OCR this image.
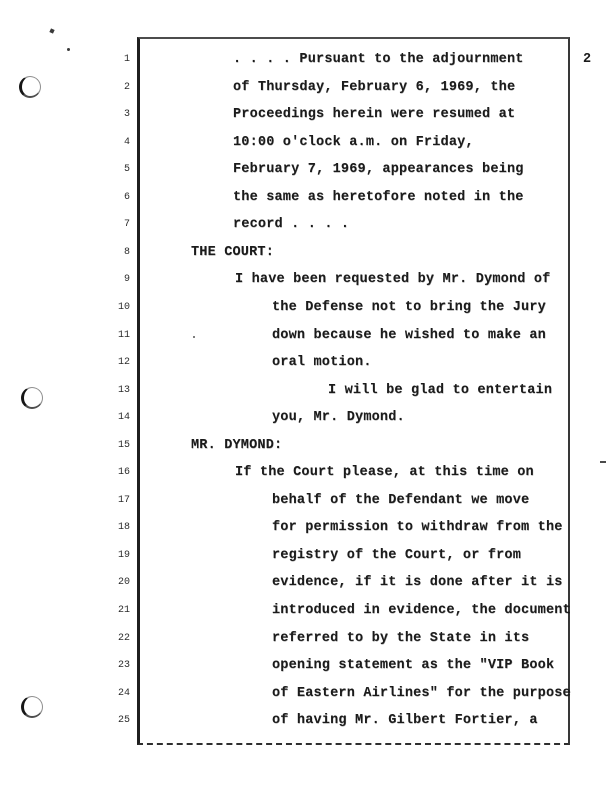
2
1	. . . . Pursuant to the adjournment
2	of Thursday, February 6, 1969, the
3	Proceedings herein were resumed at
4	10:00 o'clock a.m. on Friday,
5	February 7, 1969, appearances being
6	the same as heretofore noted in the
7	record . . . .
8	THE COURT:
9	I have been requested by Mr. Dymond of
10	the Defense not to bring the Jury
11	down because he wished to make an
12	oral motion.
13	I will be glad to entertain
14	you, Mr. Dymond.
15	MR. DYMOND:
16	If the Court please, at this time on
17	behalf of the Defendant we move
18	for permission to withdraw from the
19	registry of the Court, or from
20	evidence, if it is done after it is
21	introduced in evidence, the document
22	referred to by the State in its
23	opening statement as the "VIP Book
24	of Eastern Airlines" for the purpose
25	of having Mr. Gilbert Fortier, a
